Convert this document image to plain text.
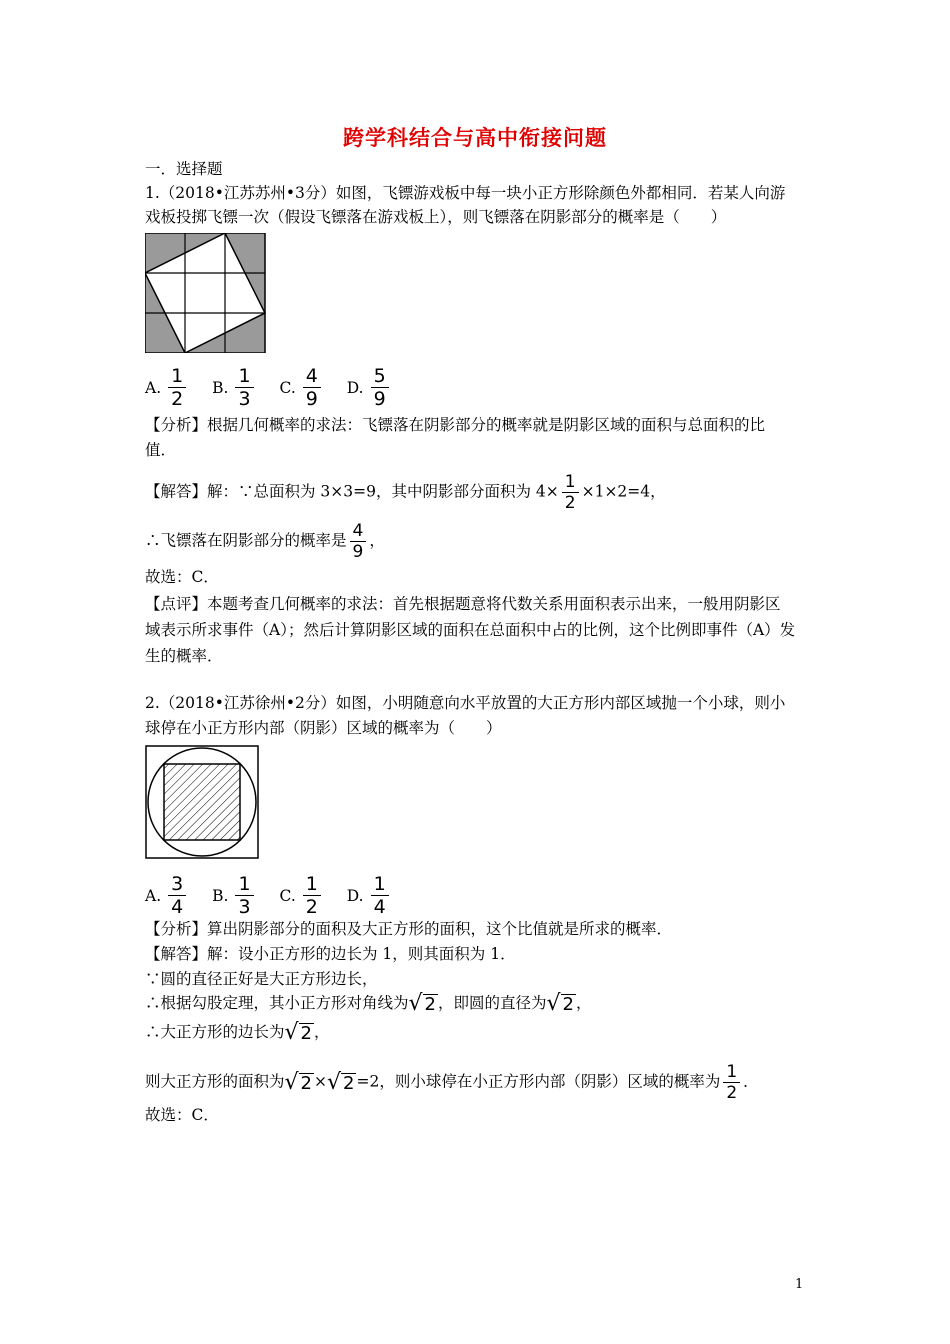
跨学科结合与高中衔接问题
一．选择题
1.（2018•江苏苏州•3分）如图，飞镖游戏板中每一块小正方形除颜色外都相同．若某人向游
戏板投掷飞镖一次（假设飞镖落在游戏板上），则飞镖落在阴影部分的概率是（　　）
A. $\frac{1}{2} B$. $\frac{1}{3} C$. $\frac{4}{9} D$. $\frac{5}{9}$
【分析】根据几何概率的求法：飞镖落在阴影部分的概率就是阴影区域的面积与总面积的比
值．
【解答】解：∵总面积为 3×3=9，其中阴影部分面积为 $4\times \frac{1}{2} \times 1\times 2=4$，
∴飞镖落在阴影部分的概率是 $\frac{4}{9}$ ，
故选：C．
【点评】本题考查几何概率的求法：首先根据题意将代数关系用面积表示出来，一般用阴影区
域表示所求事件（A）；然后计算阴影区域的面积在总面积中占的比例，这个比例即事件（A）发
生的概率．
2.（2018•江苏徐州•2分）如图，小明随意向水平放置的大正方形内部区域抛一个小球，则小
球停在小正方形内部（阴影）区域的概率为（　　）
A. $\frac{3}{4} B$. $\frac{1}{3} C$. $\frac{1}{2} D$. $\frac{1}{4}$
【分析】算出阴影部分的面积及大正方形的面积，这个比值就是所求的概率．
【解答】解：设小正方形的边长为 1，则其面积为 1．
∵圆的直径正好是大正方形边长，
∴根据勾股定理，其小正方形对角线为 √ 2 ，即圆的直径为 √ 2 ，
∴大正方形的边长为 √ 2 ，
则大正方形的面积为 √ 2 × √ 2 =2，则小球停在小正方形内部（阴影）区域的概率为 $\frac{1}{2}$ ．
故选：C．
1
